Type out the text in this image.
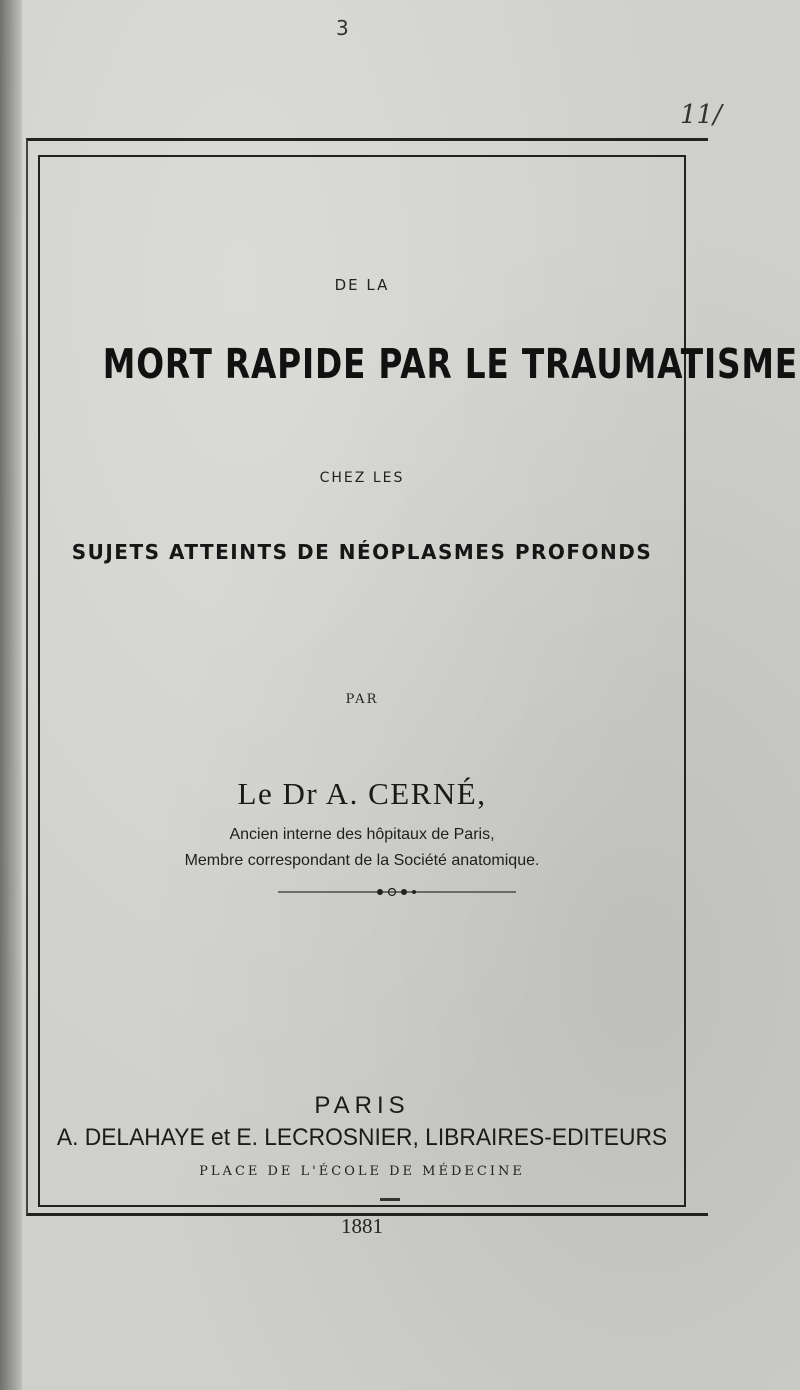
3
11/
DE LA
MORT RAPIDE PAR LE TRAUMATISME
CHEZ LES
SUJETS ATTEINTS DE NÉOPLASMES PROFONDS
PAR
Le Dr A. CERNÉ,
Ancien interne des hôpitaux de Paris,
Membre correspondant de la Société anatomique.
PARIS
A. DELAHAYE et E. LECROSNIER, LIBRAIRES-EDITEURS
PLACE DE L'ÉCOLE DE MÉDECINE
1881
